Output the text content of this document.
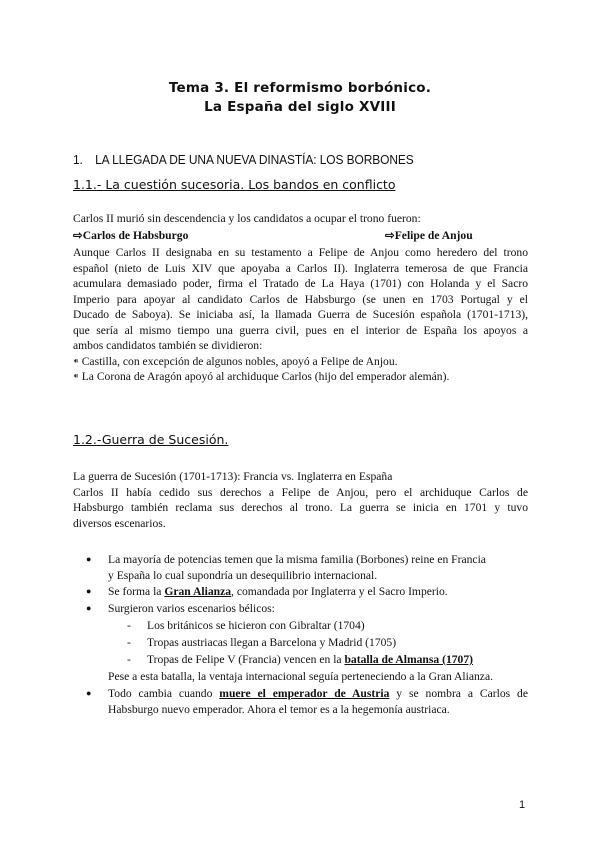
Tema 3. El reformismo borbónico.
La España del siglo XVIII
1. LA LLEGADA DE UNA NUEVA DINASTÍA: LOS BORBONES
1.1.- La cuestión sucesoria. Los bandos en conflicto
Carlos II murió sin descendencia y los candidatos a ocupar el trono fueron:
⇨Carlos de Habsburgo	⇨Felipe de Anjou
Aunque Carlos II designaba en su testamento a Felipe de Anjou como heredero del trono
español (nieto de Luis XIV que apoyaba a Carlos II). Inglaterra temerosa de que Francia
acumulara demasiado poder, firma el Tratado de La Haya (1701) con Holanda y el Sacro
Imperio para apoyar al candidato Carlos de Habsburgo (se unen en 1703 Portugal y el
Ducado de Saboya). Se iniciaba así, la llamada Guerra de Sucesión española (1701-1713),
que sería al mismo tiempo una guerra civil, pues en el interior de España los apoyos a
ambos candidatos también se dividieron:
⁌ Castilla, con excepción de algunos nobles, apoyó a Felipe de Anjou.
⁌ La Corona de Aragón apoyó al archiduque Carlos (hijo del emperador alemán).
1.2.-Guerra de Sucesión.
La guerra de Sucesión (1701-1713): Francia vs. Inglaterra en España
Carlos II había cedido sus derechos a Felipe de Anjou, pero el archiduque Carlos de
Habsburgo también reclama sus derechos al trono. La guerra se inicia en 1701 y tuvo
diversos escenarios.
● La mayoría de potencias temen que la misma familia (Borbones) reine en Francia
y España lo cual supondría un desequilibrio internacional.
● Se forma la Gran Alianza, comandada por Inglaterra y el Sacro Imperio.
● Surgieron varios escenarios bélicos:
- Los británicos se hicieron con Gibraltar (1704)
- Tropas austriacas llegan a Barcelona y Madrid (1705)
- Tropas de Felipe V (Francia) vencen en la batalla de Almansa (1707)
Pese a esta batalla, la ventaja internacional seguía perteneciendo a la Gran Alianza.
● Todo cambia cuando muere el emperador de Austria y se nombra a Carlos de
Habsburgo nuevo emperador. Ahora el temor es a la hegemonía austriaca.
1
